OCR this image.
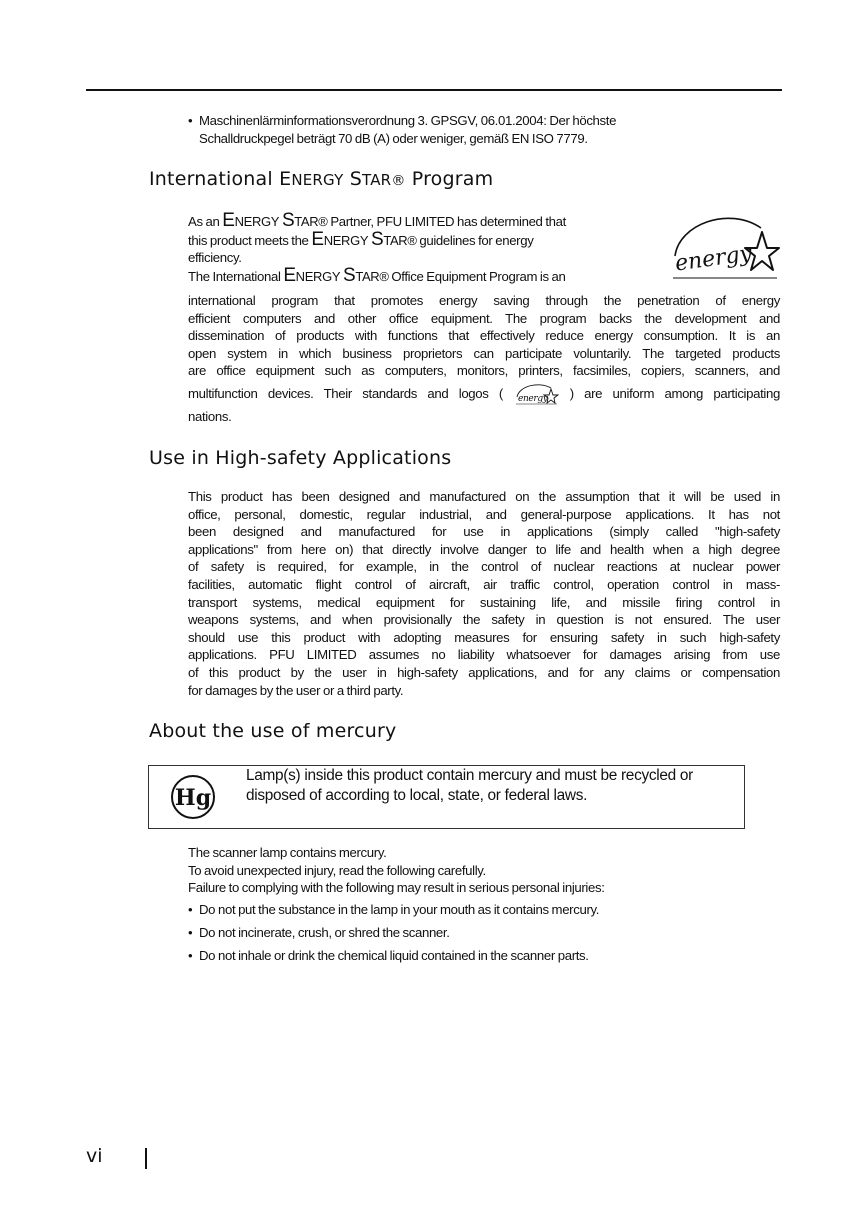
• Maschinenlärminformationsverordnung 3. GPSGV, 06.01.2004: Der höchste
Schalldruckpegel beträgt 70 dB (A) oder weniger, gemäß EN ISO 7779.
International ENERGY STAR® Program
energy
As an ENERGY STAR® Partner, PFU LIMITED has determined that
this product meets the ENERGY STAR® guidelines for energy
efficiency.
The International ENERGY STAR® Office Equipment Program is an
international program that promotes energy saving through the penetration of energy
efficient computers and other office equipment. The program backs the development and
dissemination of products with functions that effectively reduce energy consumption. It is an
open system in which business proprietors can participate voluntarily. The targeted products
are office equipment such as computers, monitors, printers, facsimiles, copiers, scanners, and
multifunction devices. Their standards and logos ( energy ) are uniform among participating
nations.
Use in High-safety Applications
This product has been designed and manufactured on the assumption that it will be used in
office, personal, domestic, regular industrial, and general-purpose applications. It has not
been designed and manufactured for use in applications (simply called "high-safety
applications" from here on) that directly involve danger to life and health when a high degree
of safety is required, for example, in the control of nuclear reactions at nuclear power
facilities, automatic flight control of aircraft, air traffic control, operation control in mass-
transport systems, medical equipment for sustaining life, and missile firing control in
weapons systems, and when provisionally the safety in question is not ensured. The user
should use this product with adopting measures for ensuring safety in such high-safety
applications. PFU LIMITED assumes no liability whatsoever for damages arising from use
of this product by the user in high-safety applications, and for any claims or compensation
for damages by the user or a third party.
About the use of mercury
Hg
Lamp(s) inside this product contain mercury and must be recycled or
disposed of according to local, state, or federal laws.
The scanner lamp contains mercury.
To avoid unexpected injury, read the following carefully.
Failure to complying with the following may result in serious personal injuries:
• Do not put the substance in the lamp in your mouth as it contains mercury.
• Do not incinerate, crush, or shred the scanner.
• Do not inhale or drink the chemical liquid contained in the scanner parts.
vi
